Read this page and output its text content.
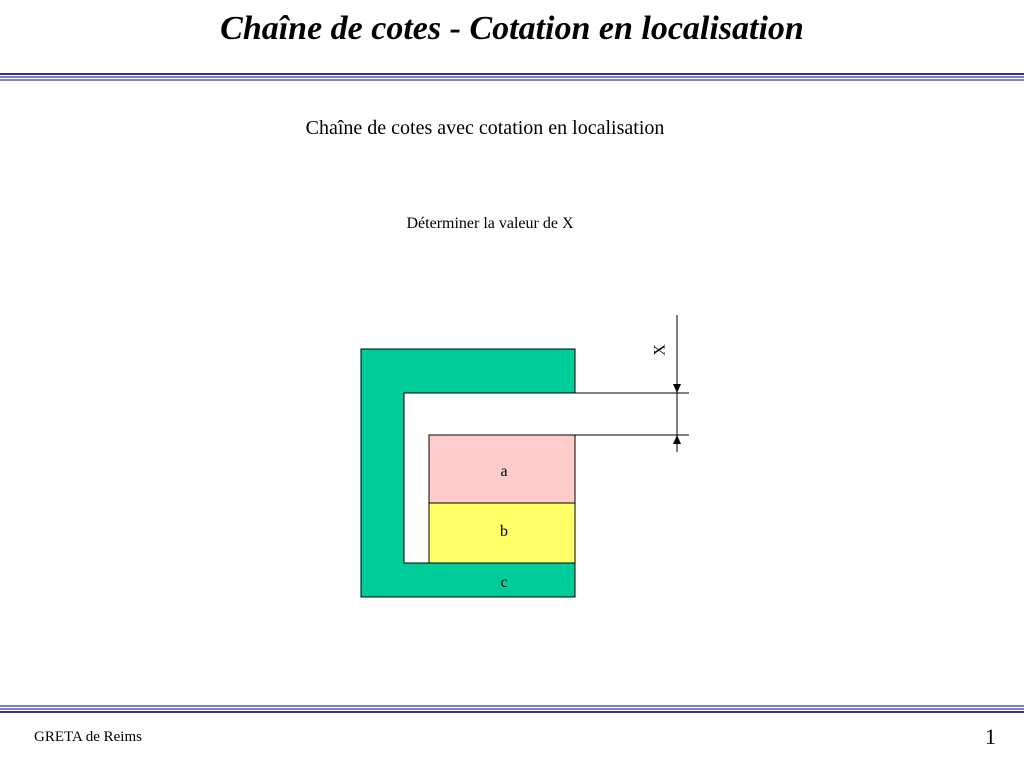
Chaîne de cotes - Cotation en localisation
Chaîne de cotes avec cotation en localisation
Déterminer la valeur de X
X
a
b
c
GRETA de Reims	1
